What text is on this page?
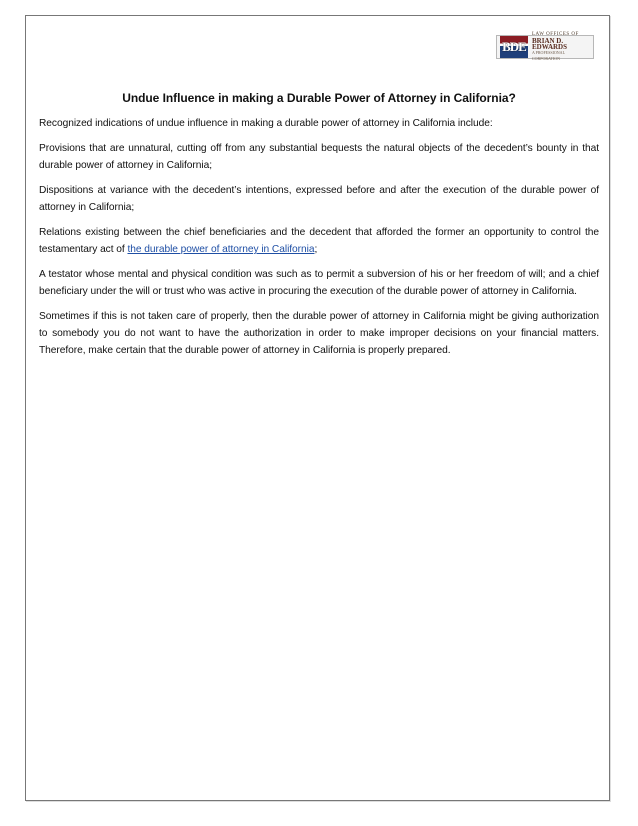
BDE
LAW OFFICES OF
BRIAN D. EDWARDS
A PROFESSIONAL CORPORATION
Undue Influence in making a Durable Power of Attorney in California?

Recognized indications of undue influence in making a durable power of attorney in California include:

Provisions that are unnatural, cutting off from any substantial bequests the natural objects of the decedent’s bounty in that durable power of attorney in California;

Dispositions at variance with the decedent’s intentions, expressed before and after the execution of the durable power of attorney in California;

Relations existing between the chief beneficiaries and the decedent that afforded the former an opportunity to control the testamentary act of the durable power of attorney in California;

A testator whose mental and physical condition was such as to permit a subversion of his or her freedom of will; and a chief beneficiary under the will or trust who was active in procuring the execution of the durable power of attorney in California.

Sometimes if this is not taken care of properly, then the durable power of attorney in California might be giving authorization to somebody you do not want to have the authorization in order to make improper decisions on your financial matters. Therefore, make certain that the durable power of attorney in California is properly prepared.
